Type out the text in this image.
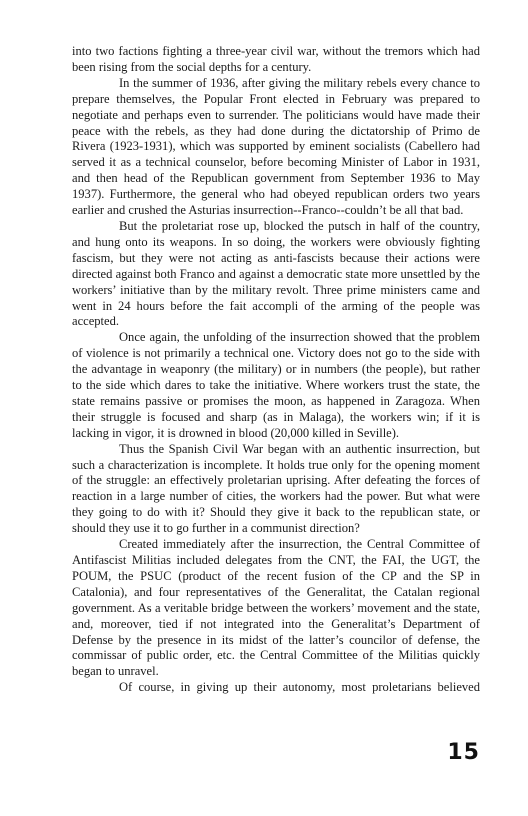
into two factions fighting a three-year civil war, without the tremors which had been rising from the social depths for a century.

In the summer of 1936, after giving the military rebels every chance to prepare themselves, the Popular Front elected in February was prepared to negotiate and perhaps even to surrender. The politicians would have made their peace with the rebels, as they had done during the dictatorship of Primo de Rivera (1923-1931), which was supported by eminent socialists (Cabellero had served it as a technical counselor, before becoming Minister of Labor in 1931, and then head of the Republican government from September 1936 to May 1937). Furthermore, the general who had obeyed republican orders two years earlier and crushed the Asturias insurrection--Franco--couldn’t be all that bad.

But the proletariat rose up, blocked the putsch in half of the country, and hung onto its weapons. In so doing, the workers were obviously fighting fascism, but they were not acting as anti-fascists because their actions were directed against both Franco and against a democratic state more unsettled by the workers’ initiative than by the military revolt. Three prime ministers came and went in 24 hours before the fait accompli of the arming of the people was accepted.

Once again, the unfolding of the insurrection showed that the problem of violence is not primarily a technical one. Victory does not go to the side with the advantage in weaponry (the military) or in numbers (the people), but rather to the side which dares to take the initiative. Where workers trust the state, the state remains passive or promises the moon, as happened in Zaragoza. When their struggle is focused and sharp (as in Malaga), the workers win; if it is lacking in vigor, it is drowned in blood (20,000 killed in Seville).

Thus the Spanish Civil War began with an authentic insurrection, but such a characterization is incomplete. It holds true only for the opening moment of the struggle: an effectively proletarian uprising. After defeating the forces of reaction in a large number of cities, the workers had the power. But what were they going to do with it? Should they give it back to the republican state, or should they use it to go further in a communist direction?

Created immediately after the insurrection, the Central Committee of Antifascist Militias included delegates from the CNT, the FAI, the UGT, the POUM, the PSUC (product of the recent fusion of the CP and the SP in Catalonia), and four representatives of the Generalitat, the Catalan regional government. As a veritable bridge between the workers’ movement and the state, and, moreover, tied if not integrated into the Generalitat’s Department of Defense by the presence in its midst of the latter’s councilor of defense, the commissar of public order, etc. the Central Committee of the Militias quickly began to unravel.

Of course, in giving up their autonomy, most proletarians believed

15
